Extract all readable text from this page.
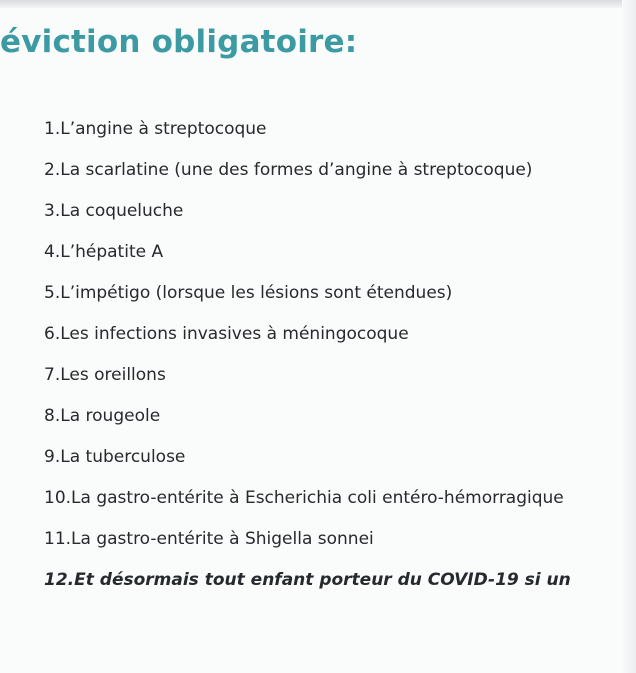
éviction obligatoire:
1. L’angine à streptocoque
2. La scarlatine (une des formes d’angine à streptocoque)
3. La coqueluche
4. L’hépatite A
5. L’impétigo (lorsque les lésions sont étendues)
6. Les infections invasives à méningocoque
7. Les oreillons
8. La rougeole
9. La tuberculose
10. La gastro-entérite à Escherichia coli entéro-hémorragique
11. La gastro-entérite à Shigella sonnei
12. Et désormais tout enfant porteur du COVID-19 si un
